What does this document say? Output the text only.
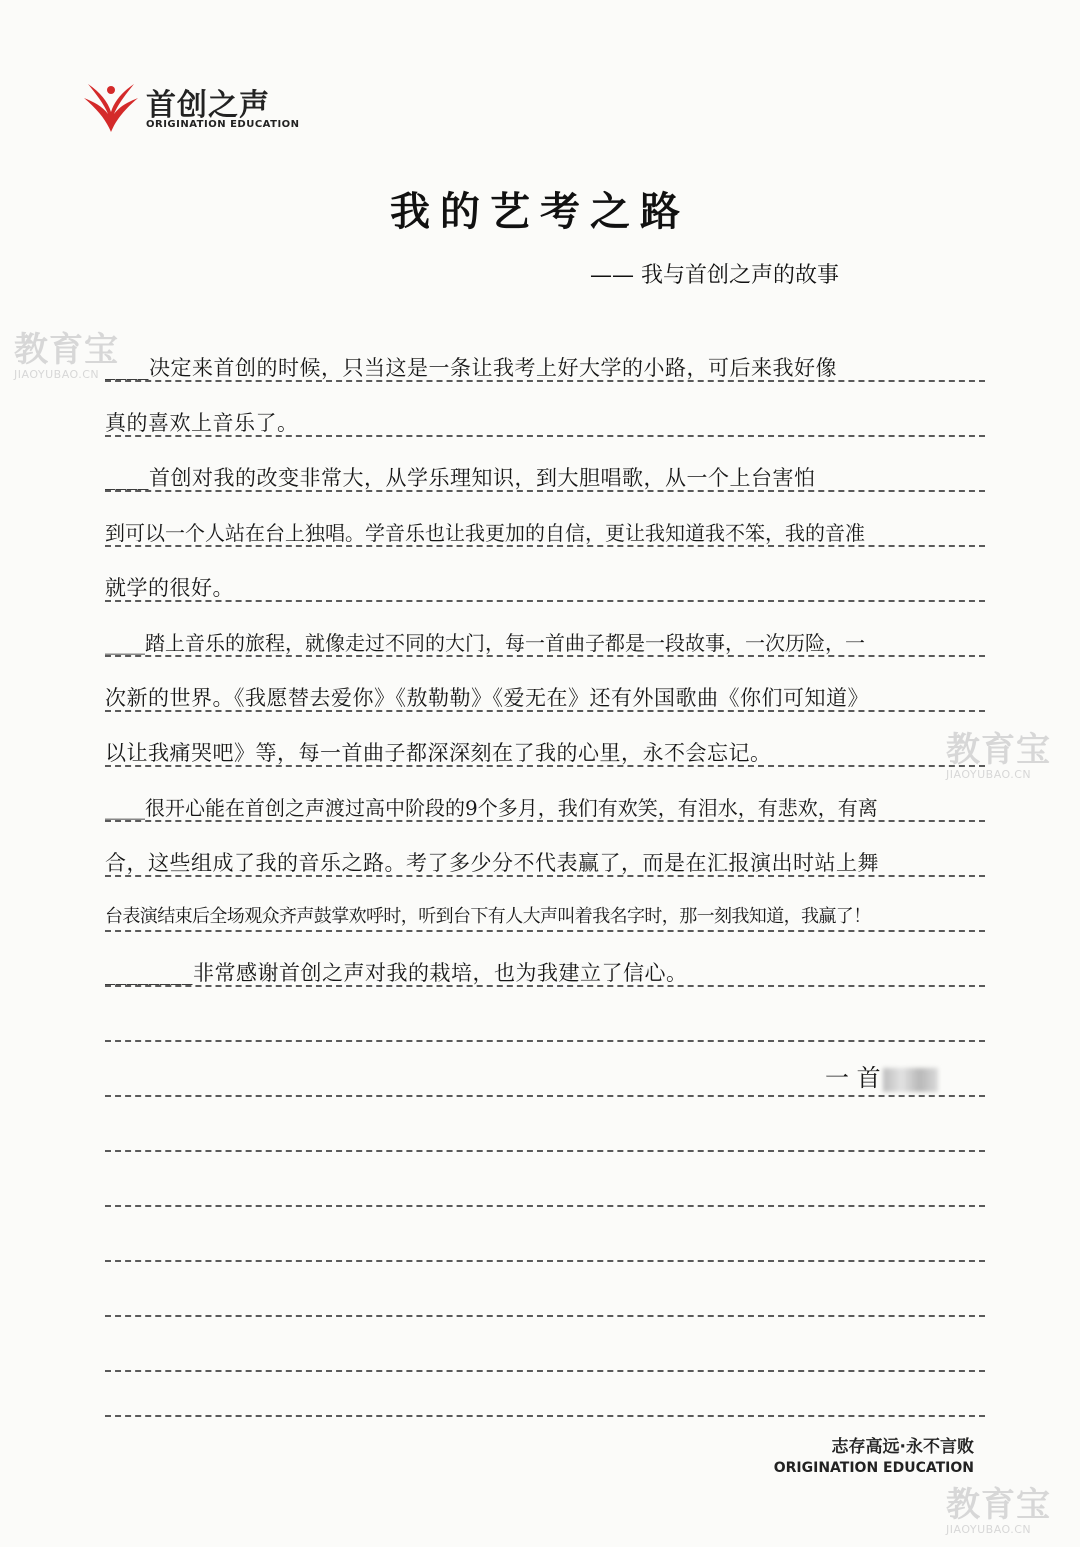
首创之声
ORIGINATION EDUCATION
我的艺考之路
—— 我与首创之声的故事
教育宝
JIAOYUBAO.CN
教育宝
JIAOYUBAO.CN
教育宝
JIAOYUBAO.CN
____决定来首创的时候，只当这是一条让我考上好大学的小路，可后来我好像
真的喜欢上音乐了。
____首创对我的改变非常大，从学乐理知识，到大胆唱歌，从一个上台害怕
到可以一个人站在台上独唱。学音乐也让我更加的自信，更让我知道我不笨，我的音准
就学的很好。
____踏上音乐的旅程，就像走过不同的大门，每一首曲子都是一段故事，一次历险，一
次新的世界。《我愿替去爱你》《敖勒勒》《爱无在》还有外国歌曲《你们可知道》
以让我痛哭吧》等，每一首曲子都深深刻在了我的心里，永不会忘记。
____很开心能在首创之声渡过高中阶段的9个多月，我们有欢笑，有泪水，有悲欢，有离
合，这些组成了我的音乐之路。考了多少分不代表赢了，而是在汇报演出时站上舞
台表演结束后全场观众齐声鼓掌欢呼时，听到台下有人大声叫着我名字时，那一刻我知道，我赢了！
________非常感谢首创之声对我的栽培，也为我建立了信心。
一 首
志存高远·永不言败
ORIGINATION EDUCATION
